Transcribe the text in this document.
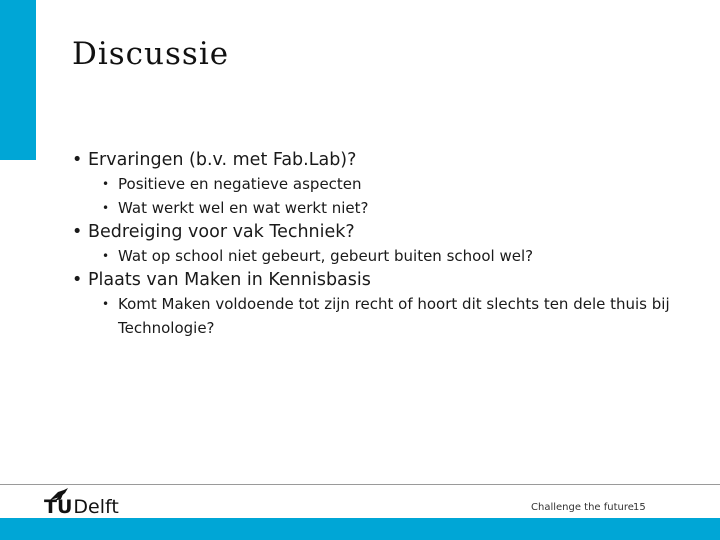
Discussie

• Ervaringen (b.v. met Fab.Lab)?

• Positieve en negatieve aspecten

• Wat werkt wel en wat werkt niet?

• Bedreiging voor vak Techniek?

• Wat op school niet gebeurt, gebeurt buiten school wel?

• Plaats van Maken in Kennisbasis

• Komt Maken voldoende tot zijn recht of hoort dit slechts ten dele thuis bij Technologie?

TU Delft	Challenge the future 15
